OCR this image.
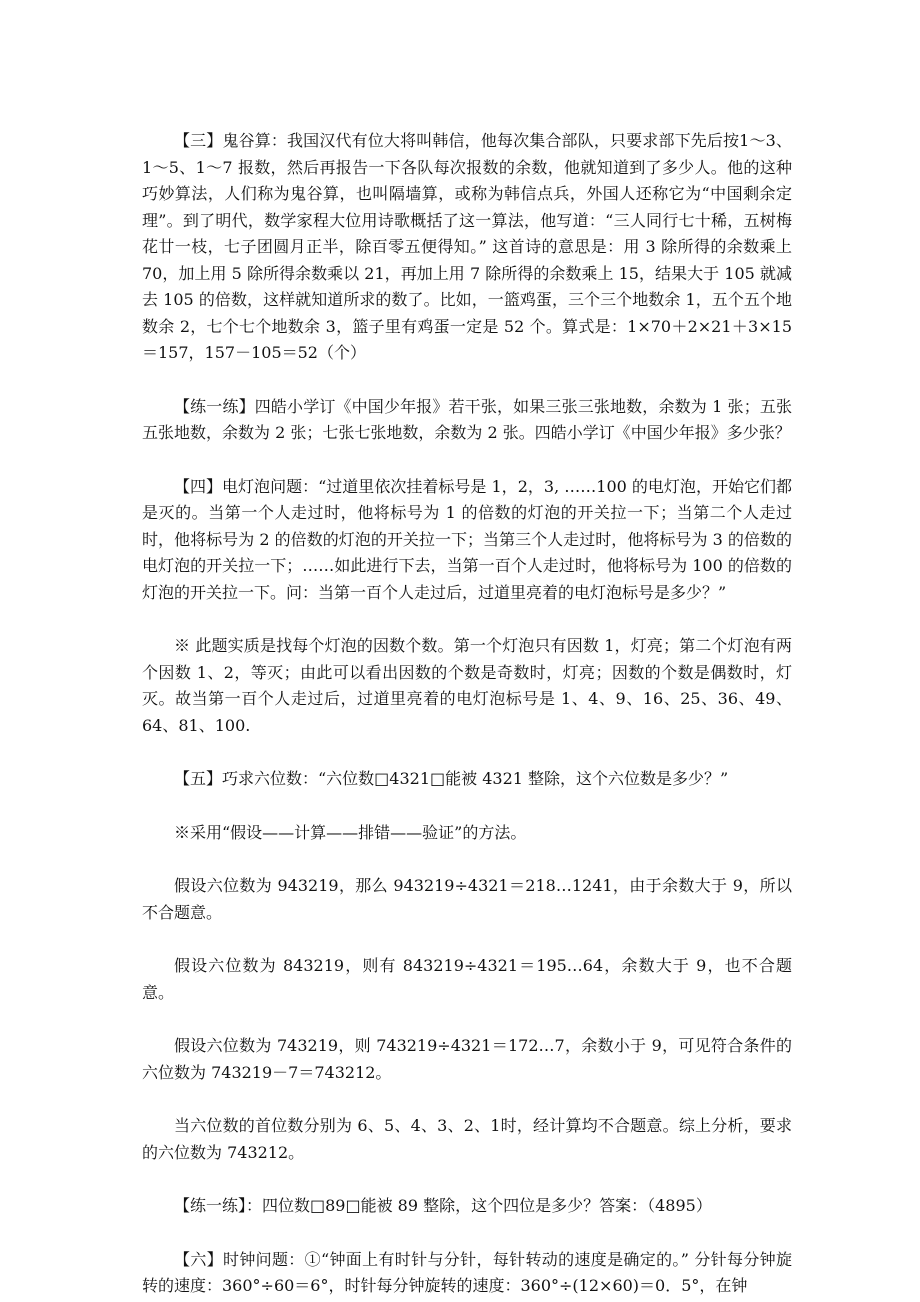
【三】鬼谷算：我国汉代有位大将叫韩信，他每次集合部队，只要求部下先后按1～3、1～5、1～7 报数，然后再报告一下各队每次报数的余数，他就知道到了多少人。他的这种巧妙算法，人们称为鬼谷算，也叫隔墙算，或称为韩信点兵，外国人还称它为“中国剩余定理”。到了明代，数学家程大位用诗歌概括了这一算法，他写道：“三人同行七十稀，五树梅花廿一枝，七子团圆月正半，除百零五便得知。” 这首诗的意思是：用 3 除所得的余数乘上 70，加上用 5 除所得余数乘以 21，再加上用 7 除所得的余数乘上 15，结果大于 105 就减去 105 的倍数，这样就知道所求的数了。比如，一篮鸡蛋，三个三个地数余 1，五个五个地数余 2，七个七个地数余 3，篮子里有鸡蛋一定是 52 个。算式是：1×70＋2×21＋3×15＝157，157－105＝52（个）

【练一练】四皓小学订《中国少年报》若干张，如果三张三张地数，余数为 1 张；五张五张地数，余数为 2 张；七张七张地数，余数为 2 张。四皓小学订《中国少年报》多少张？

【四】电灯泡问题：“过道里依次挂着标号是 1，2，3, ……100 的电灯泡，开始它们都是灭的。当第一个人走过时，他将标号为 1 的倍数的灯泡的开关拉一下；当第二个人走过时，他将标号为 2 的倍数的灯泡的开关拉一下；当第三个人走过时，他将标号为 3 的倍数的电灯泡的开关拉一下；……如此进行下去，当第一百个人走过时，他将标号为 100 的倍数的灯泡的开关拉一下。问：当第一百个人走过后，过道里亮着的电灯泡标号是多少？”

※ 此题实质是找每个灯泡的因数个数。第一个灯泡只有因数 1，灯亮；第二个灯泡有两个因数 1、2，等灭；由此可以看出因数的个数是奇数时，灯亮；因数的个数是偶数时，灯灭。故当第一百个人走过后，过道里亮着的电灯泡标号是 1、4、9、16、25、36、49、64、81、100.

【五】巧求六位数：“六位数□4321□能被 4321 整除，这个六位数是多少？”

※采用“假设——计算——排错——验证”的方法。

假设六位数为 943219，那么 943219÷4321＝218…1241，由于余数大于 9，所以不合题意。

假设六位数为 843219，则有 843219÷4321＝195…64，余数大于 9，也不合题意。

假设六位数为 743219，则 743219÷4321＝172…7，余数小于 9，可见符合条件的六位数为 743219－7＝743212。

当六位数的首位数分别为 6、5、4、3、2、1时，经计算均不合题意。综上分析，要求的六位数为 743212。

【练一练】：四位数□89□能被 89 整除，这个四位是多少？答案：（4895）

【六】时钟问题：①“钟面上有时针与分针，每针转动的速度是确定的。” 分针每分钟旋转的速度：360°÷60＝6°，时针每分钟旋转的速度：360°÷(12×60)＝0．5°，在钟
